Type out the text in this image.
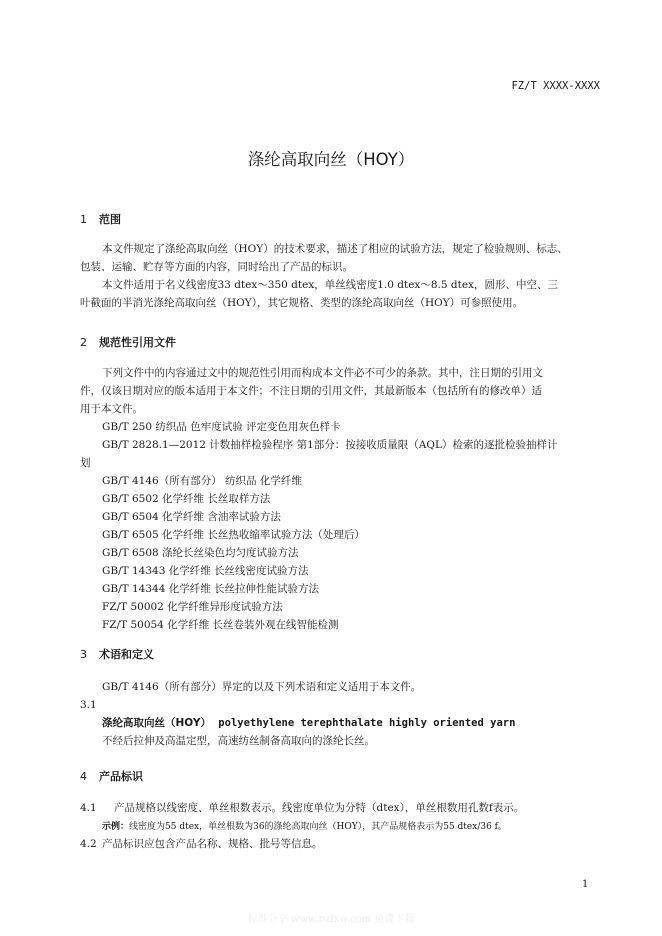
FZ/T XXXX-XXXX
涤纶高取向丝（HOY）
1 范围
本文件规定了涤纶高取向丝（HOY）的技术要求，描述了相应的试验方法，规定了检验规则、标志、
包装、运输、贮存等方面的内容，同时给出了产品的标识。
本文件适用于名义线密度33 dtex～350 dtex，单丝线密度1.0 dtex～8.5 dtex，圆形、中空、三
叶截面的半消光涤纶高取向丝（HOY），其它规格、类型的涤纶高取向丝（HOY）可参照使用。
2 规范性引用文件
下列文件中的内容通过文中的规范性引用而构成本文件必不可少的条款。其中，注日期的引用文
件，仅该日期对应的版本适用于本文件；不注日期的引用文件，其最新版本（包括所有的修改单）适
用于本文件。
GB/T 250 纺织品 色牢度试验 评定变色用灰色样卡
GB/T 2828.1—2012 计数抽样检验程序 第1部分：按接收质量限（AQL）检索的逐批检验抽样计
划
GB/T 4146（所有部分） 纺织品 化学纤维
GB/T 6502 化学纤维 长丝取样方法
GB/T 6504 化学纤维 含油率试验方法
GB/T 6505 化学纤维 长丝热收缩率试验方法（处理后）
GB/T 6508 涤纶长丝染色均匀度试验方法
GB/T 14343 化学纤维 长丝线密度试验方法
GB/T 14344 化学纤维 长丝拉伸性能试验方法
FZ/T 50002 化学纤维异形度试验方法
FZ/T 50054 化学纤维 长丝卷装外观在线智能检测
3 术语和定义
GB/T 4146（所有部分）界定的以及下列术语和定义适用于本文件。
3.1
涤纶高取向丝（HOY） polyethylene terephthalate highly oriented yarn
不经后拉伸及高温定型，高速纺丝制备高取向的涤纶长丝。
4 产品标识
4.1 产品规格以线密度、单丝根数表示。线密度单位为分特（dtex），单丝根数用孔数f表示。
示例：线密度为55 dtex，单丝根数为36的涤纶高取向丝（HOY），其产品规格表示为55 dtex/36 f。
4.2 产品标识应包含产品名称、规格、批号等信息。
1
标准分享 www.bzfxw.com 免费下载
